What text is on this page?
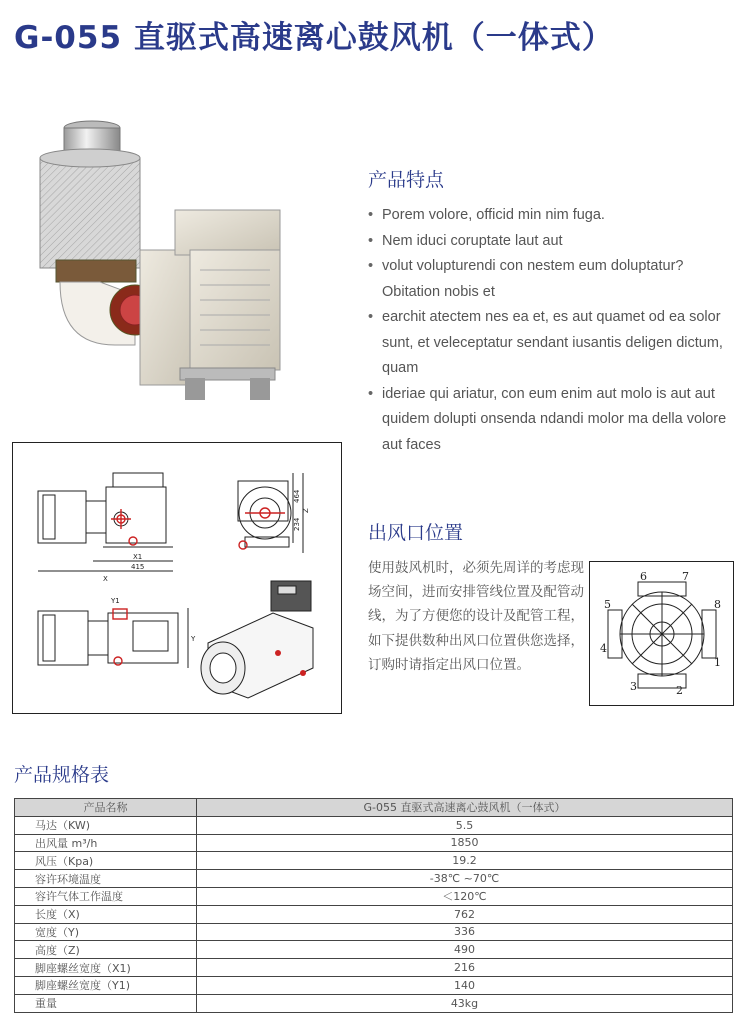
G-055 直驱式高速离心鼓风机（一体式）
产品特点
• Porem volore, officid min nim fuga.
• Nem iduci coruptate laut aut
• volut volupturendi con nestem eum doluptatur? Obitation nobis et
• earchit atectem nes ea et, es aut quamet od ea solor sunt, et veleceptatur sendant iusantis deligen dictum, quam
• ideriae qui ariatur, con eum enim aut molo is aut aut quidem dolupti onsenda ndandi molor ma della volore aut faces
X1
415
X
Z
234
464
Y
Y1
出风口位置
使用鼓风机时，必须先周详的考虑现场空间，进而安排管线位置及配管动线，为了方便您的设计及配管工程，如下提供数种出风口位置供您选择，订购时请指定出风口位置。	1
2
3
4
5
6	7
8
产品规格表
产品名称	G-055 直驱式高速离心鼓风机（一体式）
马达（KW)	5.5
出风量 m³/h	1850
风压（Kpa)	19.2
容许环境温度	-38℃ ~70℃
容许气体工作温度	＜120℃
长度（X)	762
宽度（Y)	336
高度（Z)	490
脚座螺丝宽度（X1)	216
脚座螺丝宽度（Y1)	140
重量	43kg
